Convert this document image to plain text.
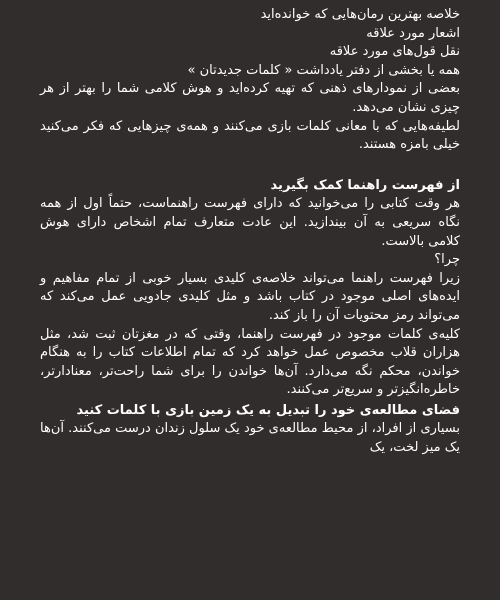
خلاصه بهترین رمان‌هایی که خوانده‌اید
اشعار مورد علاقه
نقل قول‌های مورد علاقه
همه یا بخشی از دفتر یادداشت « کلمات جدیدتان »
بعضی از نمودارهای ذهنی که تهیه کرده‌اید و هوش کلامی شما را بهتر از هر چیزی نشان می‌دهد.
لطیفه‌هایی که با معانی کلمات بازی می‌کنند و همه‌ی چیزهایی که فکر می‌کنید خیلی بامزه هستند.
از فهرست راهنما کمک بگیرید
هر وقت کتابی را می‌خوانید که دارای فهرست راهنماست، حتماً اول از همه نگاه سریعی به آن بیندازید. این عادت متعارف تمام اشخاص دارای هوش کلامی بالاست.
چرا؟
زیرا فهرست راهنما می‌تواند خلاصه‌ی کلیدی بسیار خوبی از تمام مفاهیم و ایده‌های اصلی موجود در کتاب باشد و مثل کلیدی جادویی عمل می‌کند که می‌تواند رمز محتویات آن را باز کند.
کلیه‌ی کلمات موجود در فهرست راهنما، وقتی که در مغزتان ثبت شد، مثل هزاران قلاب مخصوص عمل خواهد کرد که تمام اطلاعات کتاب را به هنگام خواندن، محکم نگه می‌دارد. آن‌ها خواندن را برای شما راحت‌تر، معنادارتر، خاطره‌انگیزتر و سریع‌تر می‌کنند.
فضای مطالعه‌ی خود را تبدیل به یک زمین بازی با کلمات کنید
بسیاری از افراد، از محیط مطالعه‌ی خود یک سلول زندان درست می‌کنند. آن‌ها یک میز لخت، یک
